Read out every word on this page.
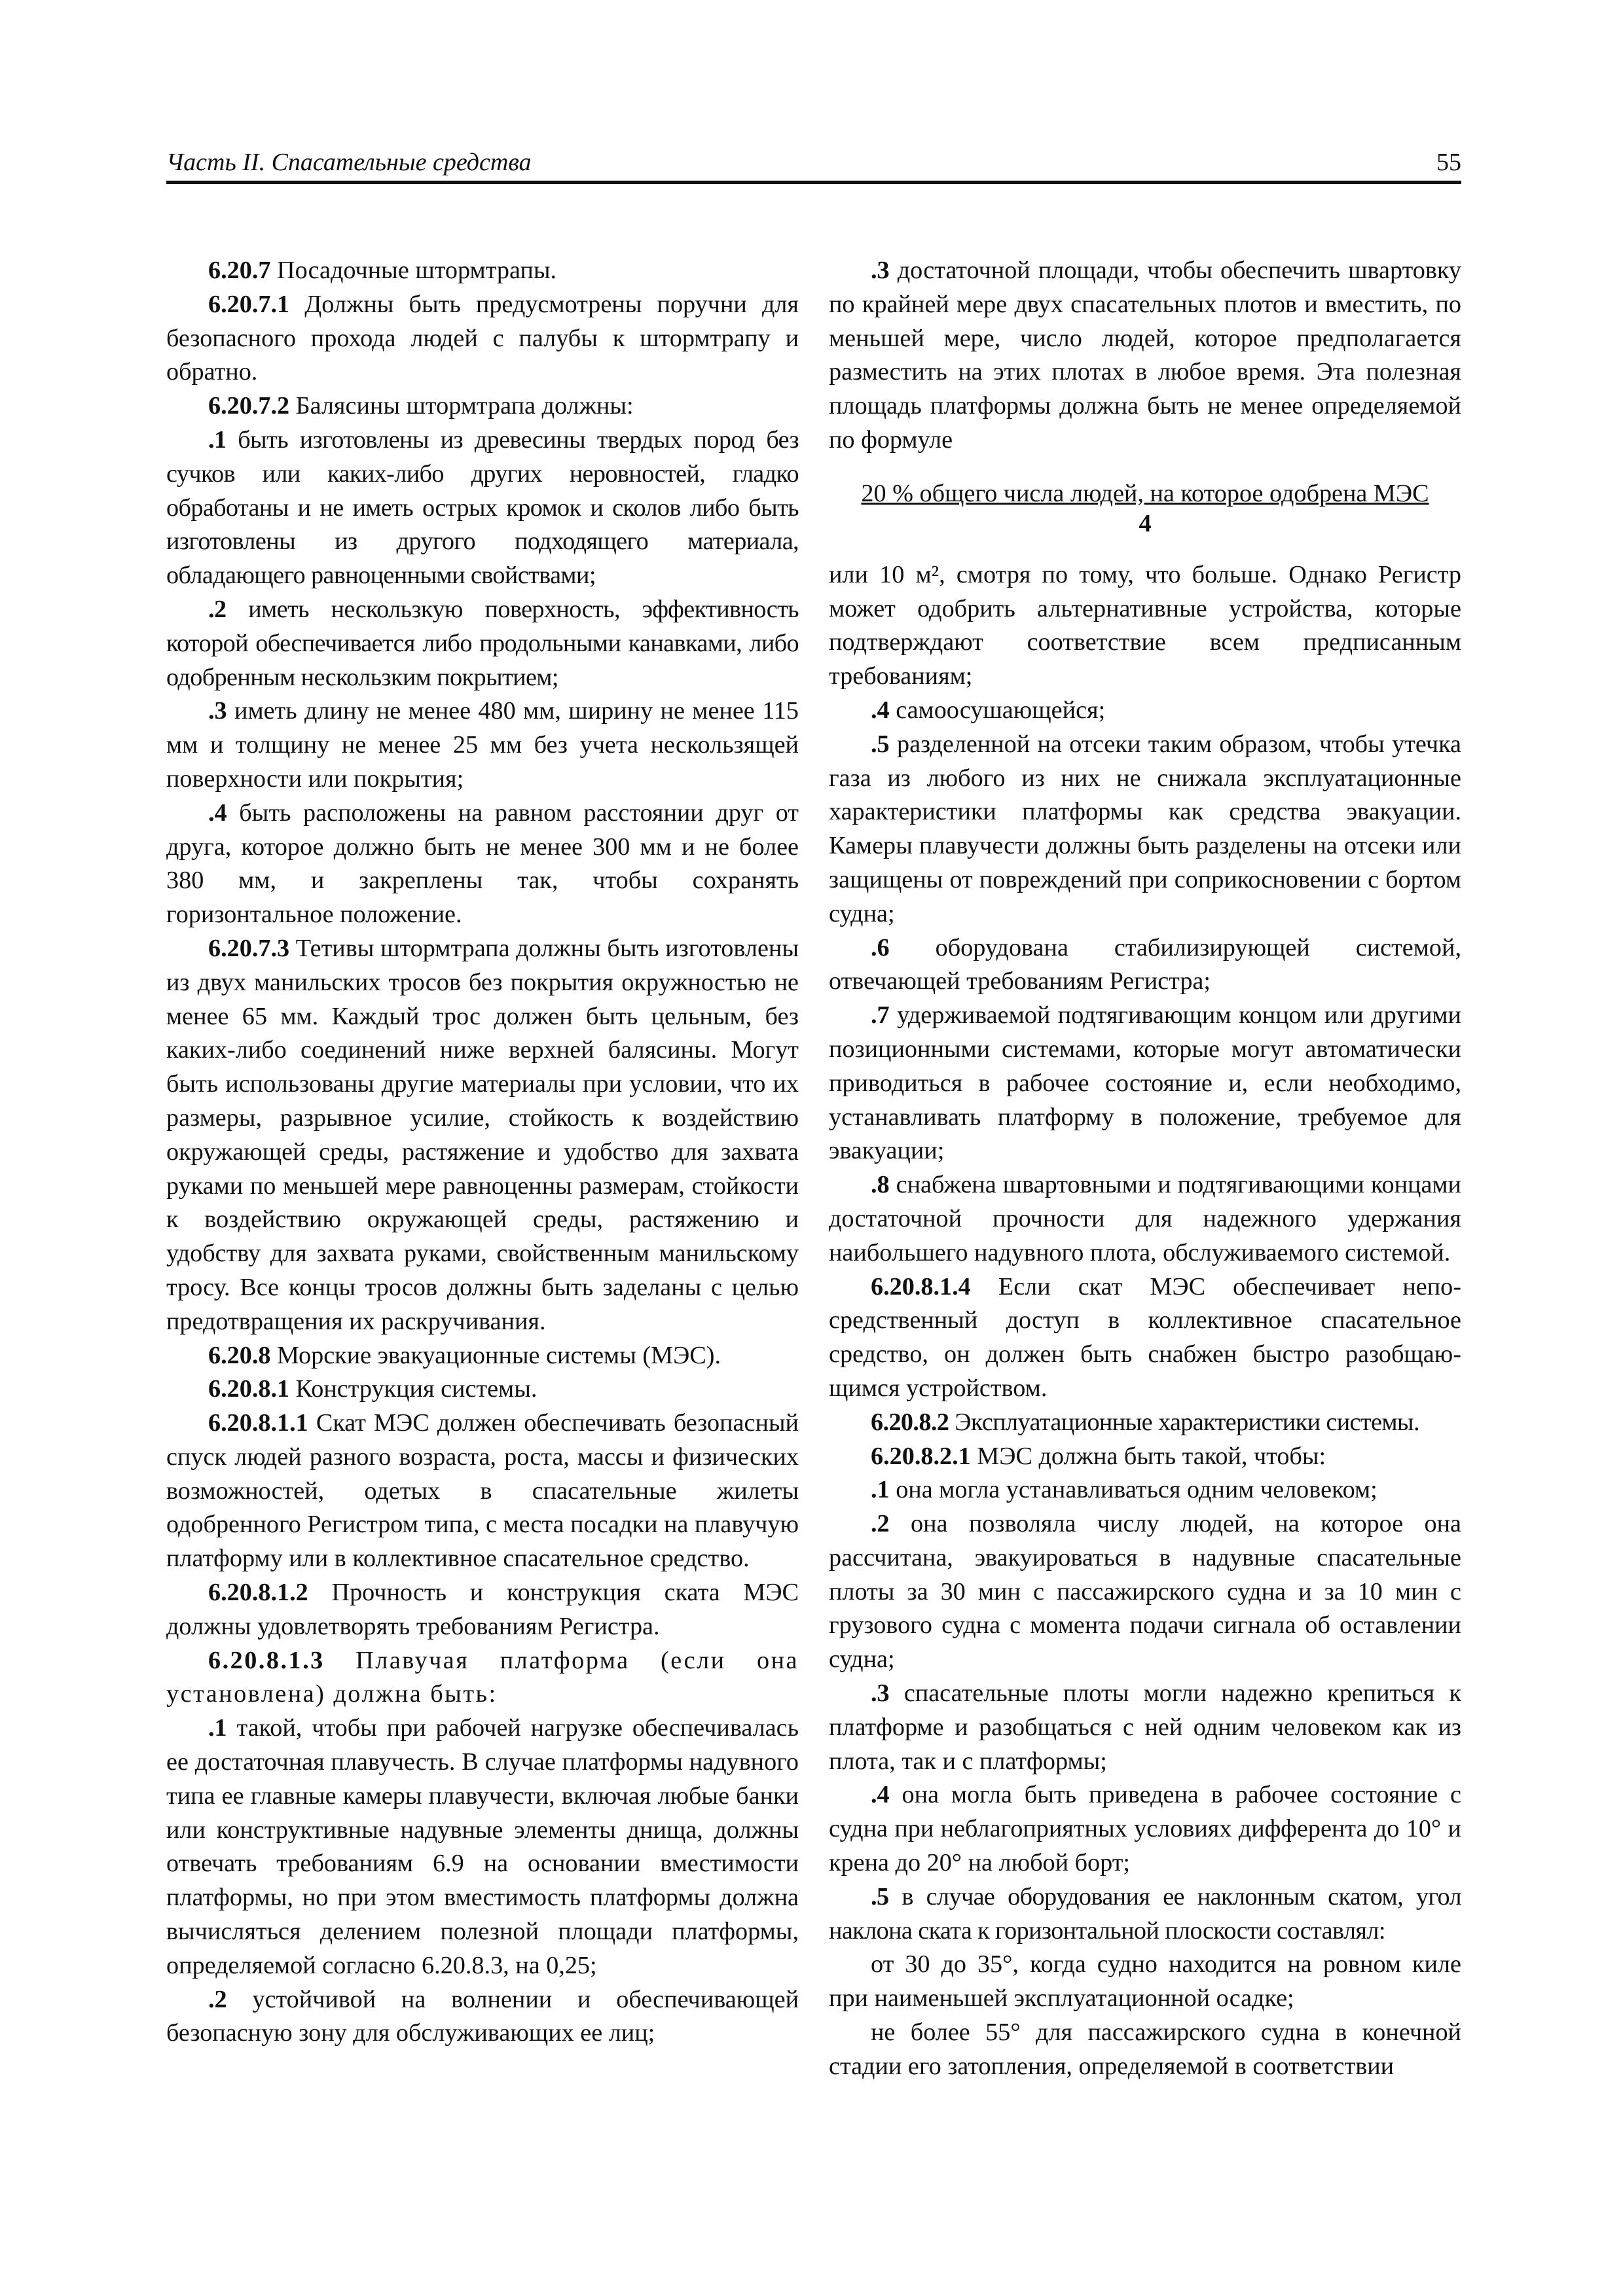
Часть II. Спасательные средства	55

6.20.7 Посадочные штормтрапы.

6.20.7.1 Должны быть предусмотрены поручни для безопасного прохода людей с палубы к штормтрапу и обратно.

6.20.7.2 Балясины штормтрапа должны:

.1 быть изготовлены из древесины твердых пород без сучков или каких-либо других неровностей, гладко обработаны и не иметь острых кромок и сколов либо быть изготовлены из другого подходящего материала, обладающего равноценными свойствами;

.2 иметь нескользкую поверхность, эффективность которой обеспечивается либо продольными канавками, либо одобренным нескользким покрытием;

.3 иметь длину не менее 480 мм, ширину не менее 115 мм и толщину не менее 25 мм без учета нескользящей поверхности или покрытия;

.4 быть расположены на равном расстоянии друг от друга, которое должно быть не менее 300 мм и не более 380 мм, и закреплены так, чтобы сохранять горизонтальное положение.

6.20.7.3 Тетивы штормтрапа должны быть изготовлены из двух манильских тросов без покрытия окружностью не менее 65 мм. Каждый трос должен быть цельным, без каких-либо соединений ниже верхней балясины. Могут быть использованы другие материалы при условии, что их размеры, разрывное усилие, стойкость к воздействию окружающей среды, растяжение и удобство для захвата руками по меньшей мере равноценны размерам, стойкости к воздействию окружающей среды, растяжению и удобству для захвата руками, свойственным манильскому тросу. Все концы тросов должны быть заделаны с целью предотвращения их раскручивания.

6.20.8 Морские эвакуационные системы (МЭС).

6.20.8.1 Конструкция системы.

6.20.8.1.1 Скат МЭС должен обеспечивать безопасный спуск людей разного возраста, роста, массы и физических возможностей, одетых в спасательные жилеты одобренного Регистром типа, с места посадки на плавучую платформу или в коллективное спасательное средство.

6.20.8.1.2 Прочность и конструкция ската МЭС должны удовлетворять требованиям Регистра.

6.20.8.1.3 Плавучая платформа (если она установлена) должна быть:

.1 такой, чтобы при рабочей нагрузке обеспечивалась ее достаточная плавучесть. В случае платформы надувного типа ее главные камеры плавучести, включая любые банки или конструктивные надувные элементы днища, должны отвечать требованиям 6.9 на основании вместимости платформы, но при этом вместимость платформы должна вычисляться делением полезной площади платформы, определяемой согласно 6.20.8.3, на 0,25;

.2 устойчивой на волнении и обеспечивающей безопасную зону для обслуживающих ее лиц;

.3 достаточной площади, чтобы обеспечить швартовку по крайней мере двух спасательных плотов и вместить, по меньшей мере, число людей, которое предполагается разместить на этих плотах в любое время. Эта полезная площадь платформы должна быть не менее определяемой по формуле

20 % общего числа людей, на которое одобрена МЭС
4

или 10 м², смотря по тому, что больше. Однако Регистр может одобрить альтернативные устройства, которые подтверждают соответствие всем предписанным требованиям;

.4 самоосушающейся;

.5 разделенной на отсеки таким образом, чтобы утечка газа из любого из них не снижала эксплуатационные характеристики платформы как средства эвакуации. Камеры плавучести должны быть разделены на отсеки или защищены от повреждений при соприкосновении с бортом судна;

.6 оборудована стабилизирующей системой, отвечающей требованиям Регистра;

.7 удерживаемой подтягивающим концом или другими позиционными системами, которые могут автоматически приводиться в рабочее состояние и, если необходимо, устанавливать платформу в положение, требуемое для эвакуации;

.8 снабжена швартовными и подтягивающими концами достаточной прочности для надежного удержания наибольшего надувного плота, обслуживаемого системой.

6.20.8.1.4 Если скат МЭС обеспечивает непосредственный доступ в коллективное спасательное средство, он должен быть снабжен быстро разобщающимся устройством.

6.20.8.2 Эксплуатационные характеристики системы.

6.20.8.2.1 МЭС должна быть такой, чтобы:

.1 она могла устанавливаться одним человеком;

.2 она позволяла числу людей, на которое она рассчитана, эвакуироваться в надувные спасательные плоты за 30 мин с пассажирского судна и за 10 мин с грузового судна с момента подачи сигнала об оставлении судна;

.3 спасательные плоты могли надежно крепиться к платформе и разобщаться с ней одним человеком как из плота, так и с платформы;

.4 она могла быть приведена в рабочее состояние с судна при неблагоприятных условиях дифферента до 10° и крена до 20° на любой борт;

.5 в случае оборудования ее наклонным скатом, угол наклона ската к горизонтальной плоскости составлял:

от 30 до 35°, когда судно находится на ровном киле при наименьшей эксплуатационной осадке;

не более 55° для пассажирского судна в конечной стадии его затопления, определяемой в соответствии
